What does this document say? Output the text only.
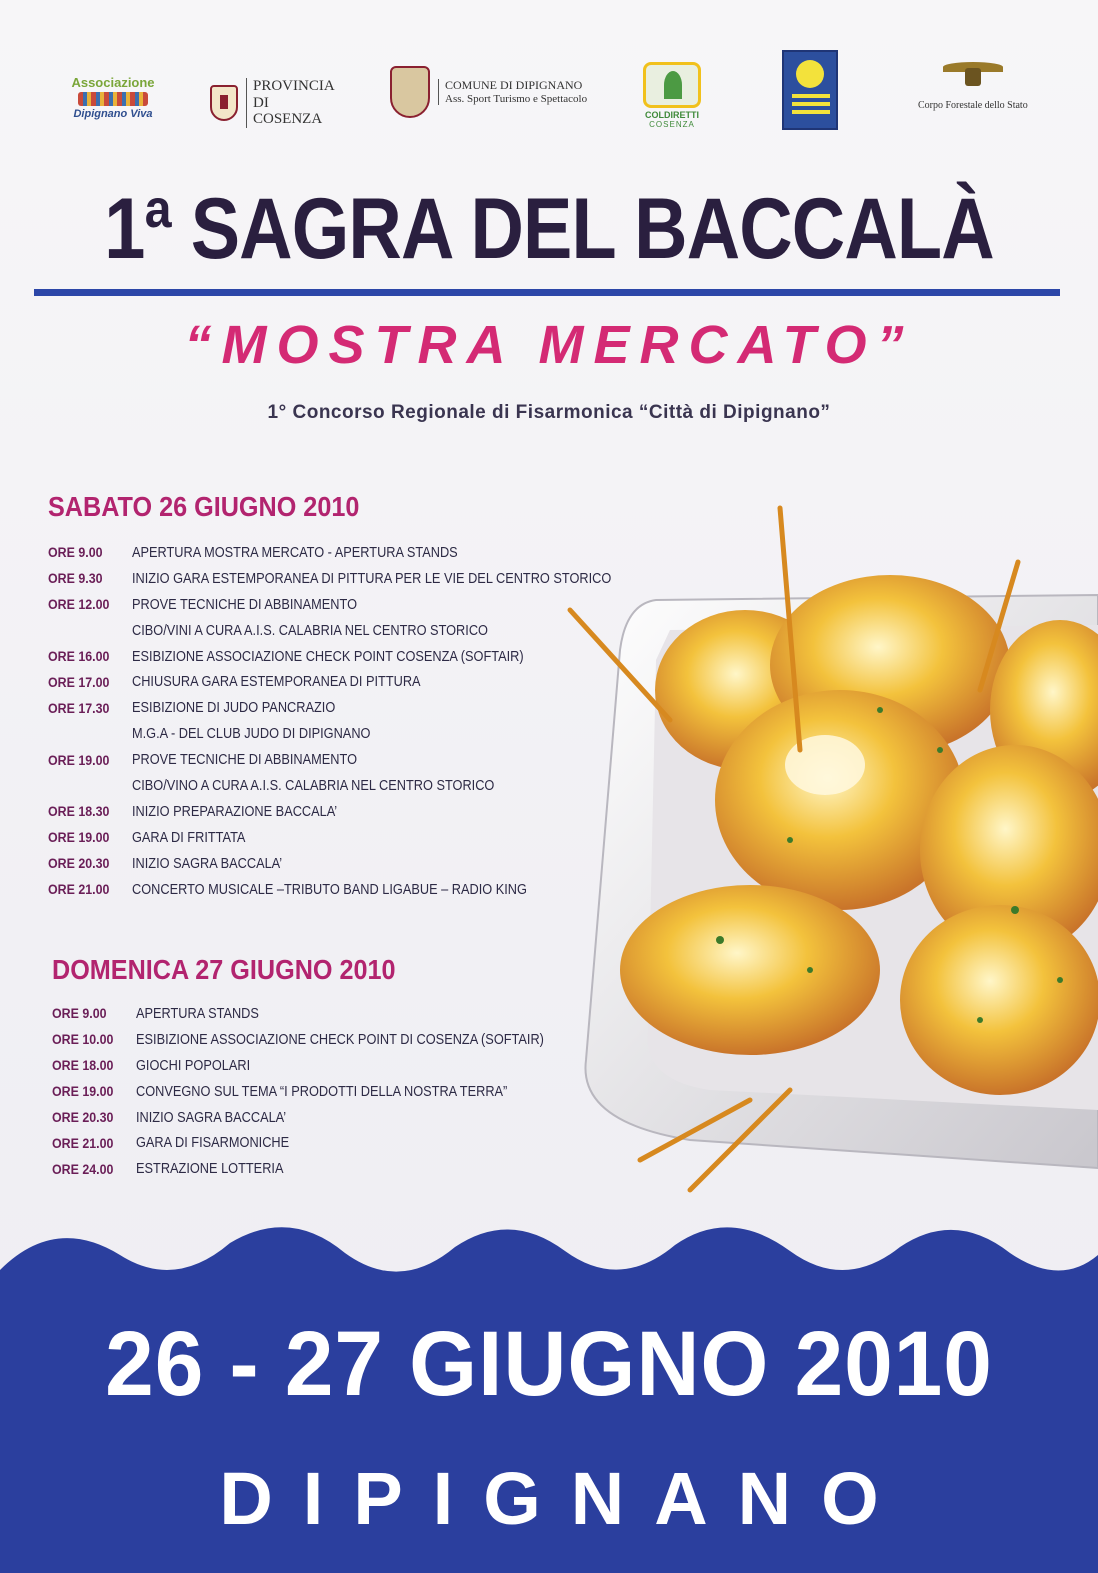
Associazione
Dipignano Viva
PROVINCIA DI COSENZA
COMUNE DI DIPIGNANO
Ass. Sport Turismo e Spettacolo
COLDIRETTI
COSENZA
Corpo Forestale dello Stato
1ª SAGRA DEL BACCALÀ
“MOSTRA MERCATO”
1° Concorso Regionale di Fisarmonica “Città di Dipignano”
SABATO 26 GIUGNO 2010
ORE 9.00	APERTURA MOSTRA MERCATO - APERTURA STANDS
ORE 9.30	INIZIO GARA ESTEMPORANEA DI PITTURA PER LE VIE DEL CENTRO STORICO
ORE 12.00	PROVE TECNICHE DI ABBINAMENTO
CIBO/VINI A CURA A.I.S. CALABRIA NEL CENTRO STORICO
ORE 16.00	ESIBIZIONE ASSOCIAZIONE CHECK POINT COSENZA (SOFTAIR)
ORE 17.00	CHIUSURA GARA ESTEMPORANEA DI PITTURA
ORE 17.30	ESIBIZIONE DI JUDO PANCRAZIO
M.G.A - DEL CLUB JUDO DI DIPIGNANO
ORE 19.00	PROVE TECNICHE DI ABBINAMENTO
CIBO/VINO A CURA A.I.S. CALABRIA NEL CENTRO STORICO
ORE 18.30	INIZIO PREPARAZIONE BACCALA’
ORE 19.00	GARA DI FRITTATA
ORE 20.30	INIZIO SAGRA BACCALA’
ORE 21.00	CONCERTO MUSICALE –TRIBUTO BAND LIGABUE – RADIO KING
DOMENICA 27 GIUGNO 2010
ORE 9.00	APERTURA STANDS
ORE 10.00	ESIBIZIONE ASSOCIAZIONE CHECK POINT DI COSENZA (SOFTAIR)
ORE 18.00	GIOCHI POPOLARI
ORE 19.00	CONVEGNO SUL TEMA “I PRODOTTI DELLA NOSTRA TERRA”
ORE 20.30	INIZIO SAGRA BACCALA’
ORE 21.00	GARA DI FISARMONICHE
ORE 24.00	ESTRAZIONE LOTTERIA
26 - 27 GIUGNO 2010
DIPIGNANO
